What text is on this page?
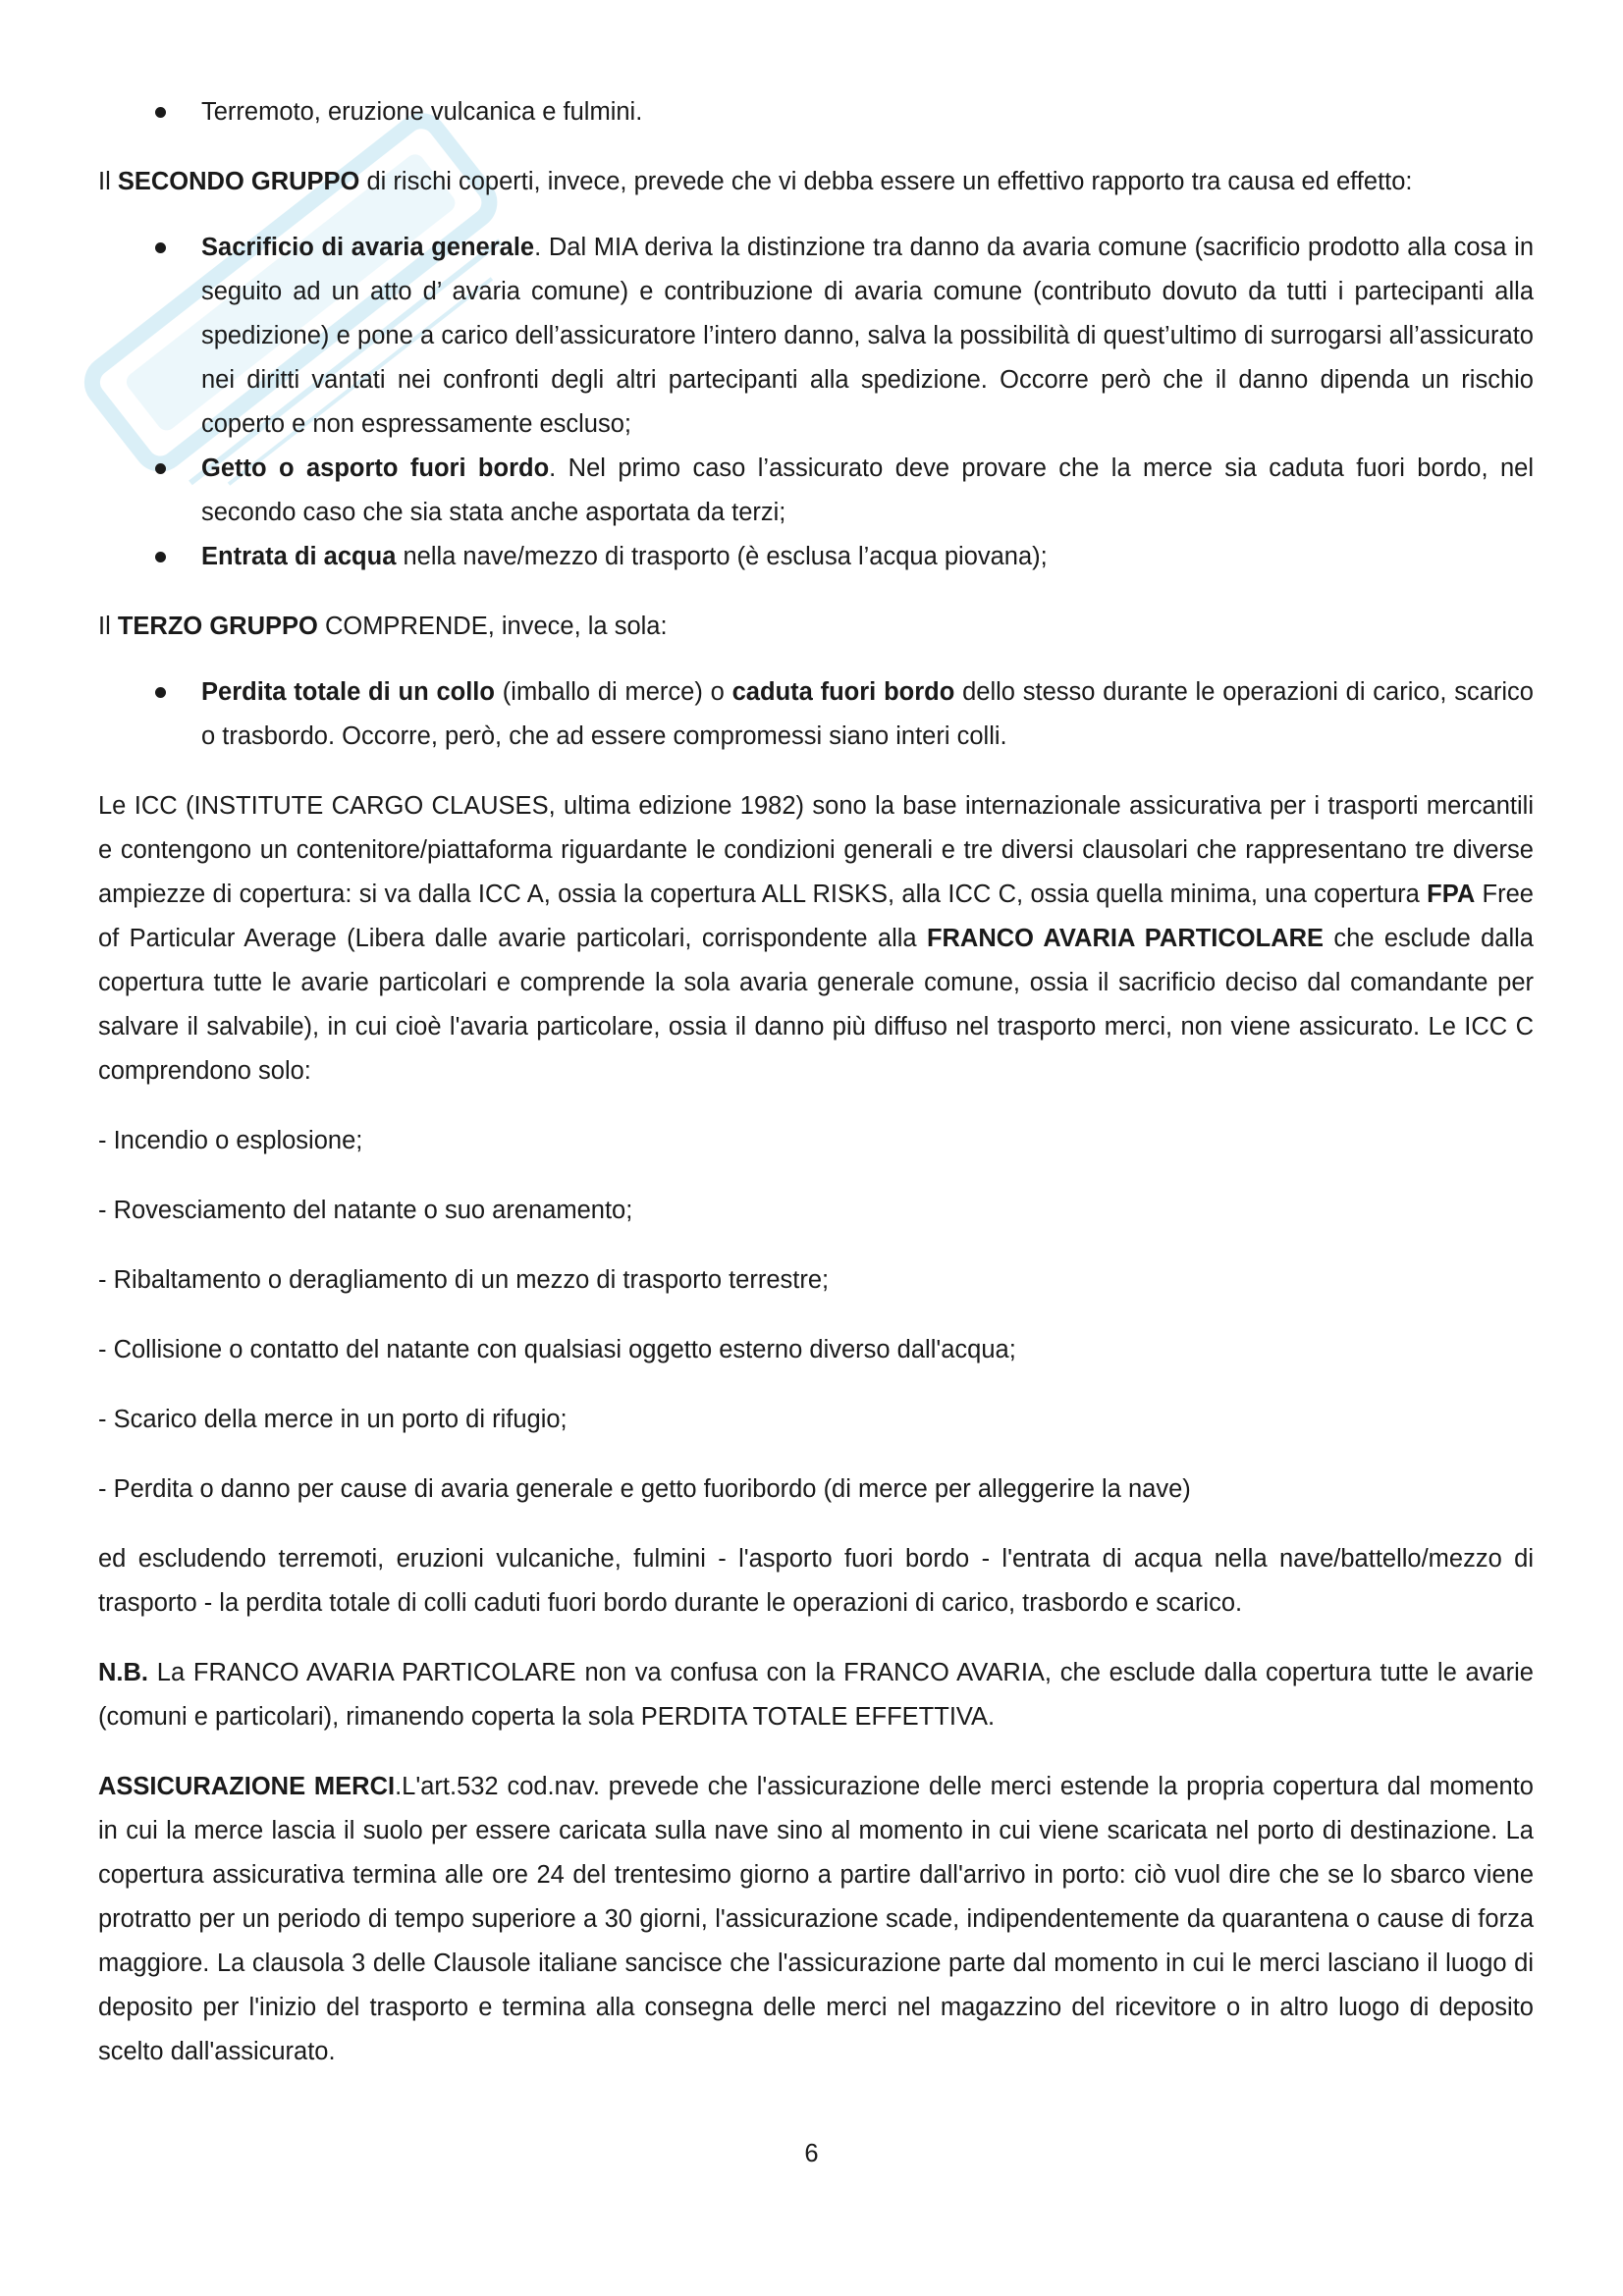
Terremoto, eruzione vulcanica e fulmini.

Il SECONDO GRUPPO di rischi coperti, invece, prevede che vi debba essere un effettivo rapporto tra causa ed effetto:

Sacrificio di avaria generale. Dal MIA deriva la distinzione tra danno da avaria comune (sacrificio prodotto alla cosa in seguito ad un atto d’ avaria comune) e contribuzione di avaria comune (contributo dovuto da tutti i partecipanti alla spedizione) e pone a carico dell’assicuratore l’intero danno, salva la possibilità di quest’ultimo di surrogarsi all’assicurato nei diritti vantati nei confronti degli altri partecipanti alla spedizione. Occorre però che il danno dipenda un rischio coperto e non espressamente escluso;
Getto o asporto fuori bordo. Nel primo caso l’assicurato deve provare che la merce sia caduta fuori bordo, nel secondo caso che sia stata anche asportata da terzi;
Entrata di acqua nella nave/mezzo di trasporto (è esclusa l’acqua piovana);

Il TERZO GRUPPO COMPRENDE, invece, la sola:

Perdita totale di un collo (imballo di merce) o caduta fuori bordo dello stesso durante le operazioni di carico, scarico o trasbordo. Occorre, però, che ad essere compromessi siano interi colli.

Le ICC (INSTITUTE CARGO CLAUSES, ultima edizione 1982) sono la base internazionale assicurativa per i trasporti mercantili e contengono un contenitore/piattaforma riguardante le condizioni generali e tre diversi clausolari che rappresentano tre diverse ampiezze di copertura: si va dalla ICC A, ossia la copertura ALL RISKS, alla ICC C, ossia quella minima, una copertura FPA Free of Particular Average (Libera dalle avarie particolari, corrispondente alla FRANCO AVARIA PARTICOLARE che esclude dalla copertura tutte le avarie particolari e comprende la sola avaria generale comune, ossia il sacrificio deciso dal comandante per salvare il salvabile), in cui cioè l'avaria particolare, ossia il danno più diffuso nel trasporto merci, non viene assicurato. Le ICC C comprendono solo:

- Incendio o esplosione;

- Rovesciamento del natante o suo arenamento;

- Ribaltamento o deragliamento di un mezzo di trasporto terrestre;

- Collisione o contatto del natante con qualsiasi oggetto esterno diverso dall'acqua;

- Scarico della merce in un porto di rifugio;

- Perdita o danno per cause di avaria generale e getto fuoribordo (di merce per alleggerire la nave)

ed escludendo terremoti, eruzioni vulcaniche, fulmini - l'asporto fuori bordo - l'entrata di acqua nella nave/battello/mezzo di trasporto - la perdita totale di colli caduti fuori bordo durante le operazioni di carico, trasbordo e scarico.

N.B. La FRANCO AVARIA PARTICOLARE non va confusa con la FRANCO AVARIA, che esclude dalla copertura tutte le avarie (comuni e particolari), rimanendo coperta la sola PERDITA TOTALE EFFETTIVA.

ASSICURAZIONE MERCI.L'art.532 cod.nav. prevede che l'assicurazione delle merci estende la propria copertura dal momento in cui la merce lascia il suolo per essere caricata sulla nave sino al momento in cui viene scaricata nel porto di destinazione. La copertura assicurativa termina alle ore 24 del trentesimo giorno a partire dall'arrivo in porto: ciò vuol dire che se lo sbarco viene protratto per un periodo di tempo superiore a 30 giorni, l'assicurazione scade, indipendentemente da quarantena o cause di forza maggiore. La clausola 3 delle Clausole italiane sancisce che l'assicurazione parte dal momento in cui le merci lasciano il luogo di deposito per l'inizio del trasporto e termina alla consegna delle merci nel magazzino del ricevitore o in altro luogo di deposito scelto dall'assicurato.

6
